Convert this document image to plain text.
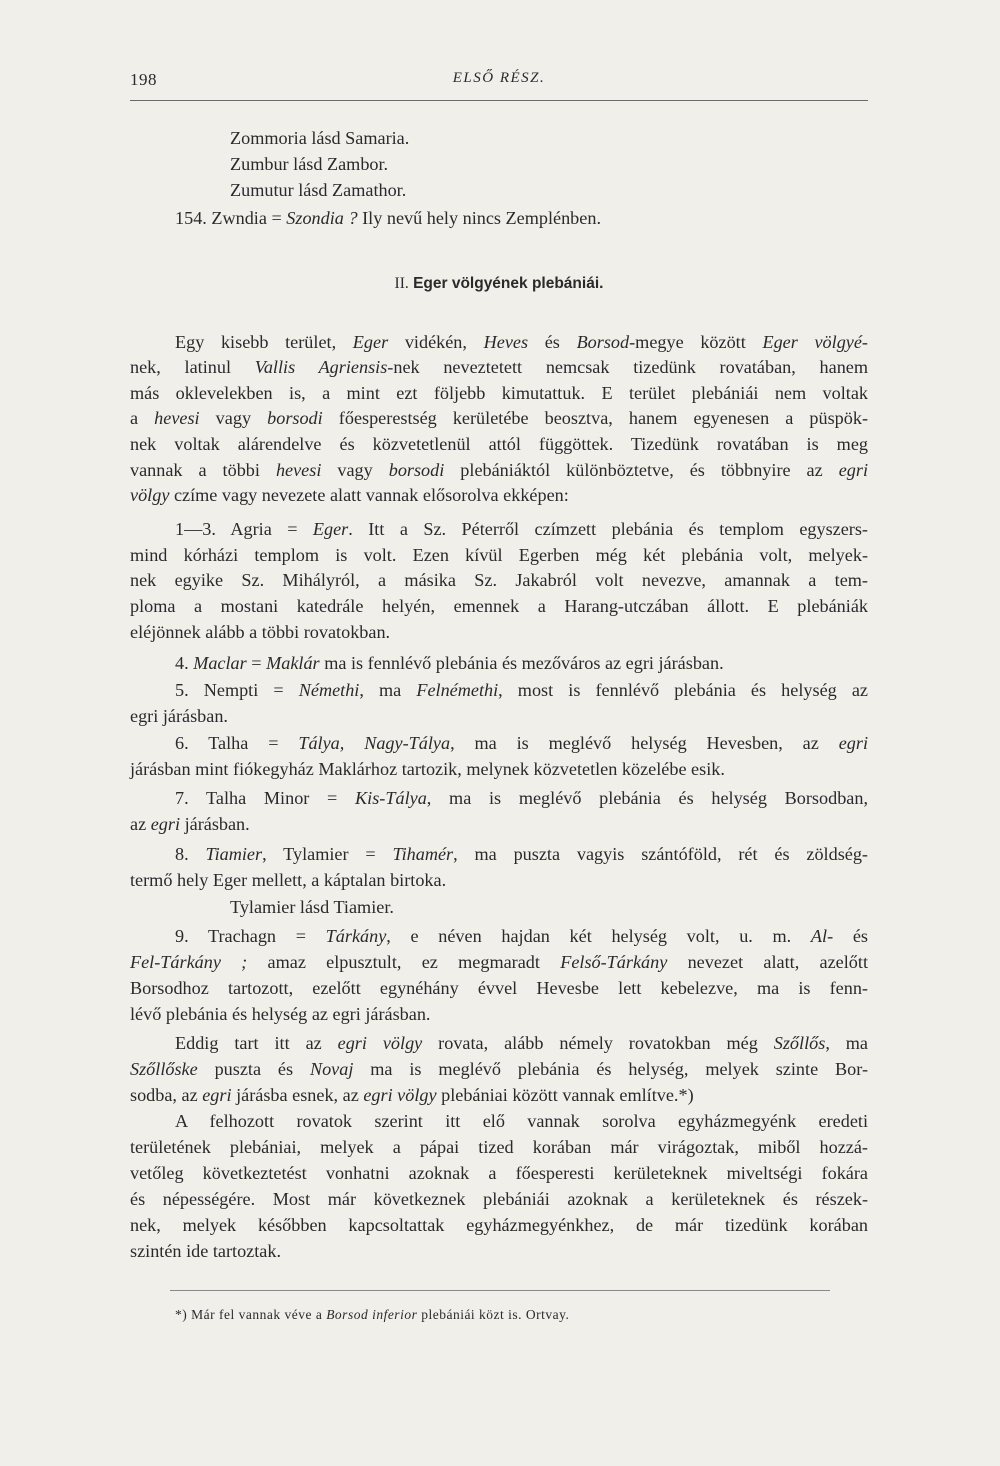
198	ELSŐ RÉSZ.
Zommoria lásd Samaria.
Zumbur lásd Zambor.
Zumutur lásd Zamathor.
154. Zwndia = Szondia ? Ily nevű hely nincs Zemplénben.
II. Eger völgyének plebániái.
Egy kisebb terület, Eger vidékén, Heves és Borsod-megye között Eger völgyé-
nek, latinul Vallis Agriensis-nek neveztetett nemcsak tizedünk rovatában, hanem
más oklevelekben is, a mint ezt följebb kimutattuk. E terület plebániái nem voltak
a hevesi vagy borsodi főesperestség kerületébe beosztva, hanem egyenesen a püspök-
nek voltak alárendelve és közvetetlenül attól függöttek. Tizedünk rovatában is meg
vannak a többi hevesi vagy borsodi plebániáktól különböztetve, és többnyire az egri
völgy czíme vagy nevezete alatt vannak elősorolva ekképen:
1—3. Agria = Eger. Itt a Sz. Péterről czímzett plebánia és templom egyszers-
mind kórházi templom is volt. Ezen kívül Egerben még két plebánia volt, melyek-
nek egyike Sz. Mihályról, a másika Sz. Jakabról volt nevezve, amannak a tem-
ploma a mostani katedrále helyén, emennek a Harang-utczában állott. E plebániák
eléjönnek alább a többi rovatokban.
4. Maclar = Maklár ma is fennlévő plebánia és mezőváros az egri járásban.
5. Nempti = Némethi, ma Felnémethi, most is fennlévő plebánia és helység az
egri járásban.
6. Talha = Tálya, Nagy-Tálya, ma is meglévő helység Hevesben, az egri
járásban mint fiókegyház Maklárhoz tartozik, melynek közvetetlen közelébe esik.
7. Talha Minor = Kis-Tálya, ma is meglévő plebánia és helység Borsodban,
az egri járásban.
8. Tiamier, Tylamier = Tihamér, ma puszta vagyis szántóföld, rét és zöldség-
termő hely Eger mellett, a káptalan birtoka.
Tylamier lásd Tiamier.
9. Trachagn = Tárkány, e néven hajdan két helység volt, u. m. Al- és
Fel-Tárkány ; amaz elpusztult, ez megmaradt Felső-Tárkány nevezet alatt, azelőtt
Borsodhoz tartozott, ezelőtt egynéhány évvel Hevesbe lett kebelezve, ma is fenn-
lévő plebánia és helység az egri járásban.
Eddig tart itt az egri völgy rovata, alább némely rovatokban még Szőllős, ma
Szőllőske puszta és Novaj ma is meglévő plebánia és helység, melyek szinte Bor-
sodba, az egri járásba esnek, az egri völgy plebániai között vannak említve.*)
A felhozott rovatok szerint itt elő vannak sorolva egyházmegyénk eredeti
területének plebániai, melyek a pápai tized korában már virágoztak, miből hozzá-
vetőleg következtetést vonhatni azoknak a főesperesti kerületeknek miveltségi fokára
és népességére. Most már következnek plebániái azoknak a kerületeknek és részek-
nek, melyek későbben kapcsoltattak egyházmegyénkhez, de már tizedünk korában
szintén ide tartoztak.
*) Már fel vannak véve a Borsod inferior plebániái közt is. Ortvay.
